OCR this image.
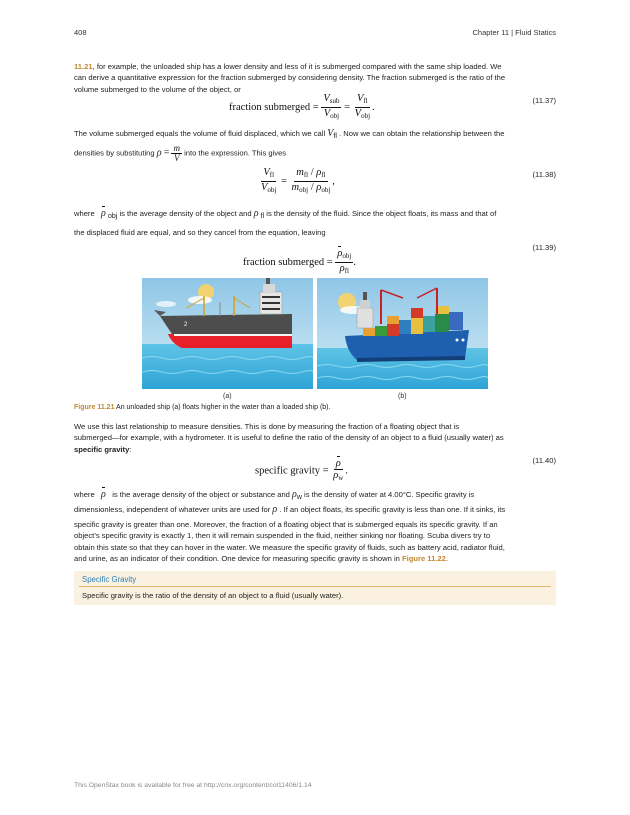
408	Chapter 11 | Fluid Statics
11.21, for example, the unloaded ship has a lower density and less of it is submerged compared with the same ship loaded. We
can derive a quantitative expression for the fraction submerged by considering density. The fraction submerged is the ratio of the
volume submerged to the volume of the object, or
fraction submerged = $\frac{V_{sub}}{V_{obj}} = \frac{V_{fl}}{V_{obj}}$ .
(11.37)
The volume submerged equals the volume of fluid displaced, which we call Vfl . Now we can obtain the relationship between the
densities by substituting $\rho = \frac{m}{V}$ into the expression. This gives
$\frac{V_{fl}}{V_{obj}} = \frac{m_{fl} / \rho_{fl}}{m_{obj} / \rho_{obj}}$ ,
(11.38)
where ρ obj is the average density of the object and ρ fl is the density of the fluid. Since the object floats, its mass and that of
the displaced fluid are equal, and so they cancel from the equation, leaving
fraction submerged = $\frac{\rho_{obj}}{\rho_{fl}}$ .
(11.39)
2
(a)	(b)
Figure 11.21 An unloaded ship (a) floats higher in the water than a loaded ship (b).
We use this last relationship to measure densities. This is done by measuring the fraction of a floating object that is
submerged—for example, with a hydrometer. It is useful to define the ratio of the density of an object to a fluid (usually water) as
specific gravity:
specific gravity = $\frac{\rho}{\rho_w}$ .
(11.40)
where ρ is the average density of the object or substance and ρw is the density of water at 4.00°C. Specific gravity is
dimensionless, independent of whatever units are used for ρ . If an object floats, its specific gravity is less than one. If it sinks, its
specific gravity is greater than one. Moreover, the fraction of a floating object that is submerged equals its specific gravity. If an
object’s specific gravity is exactly 1, then it will remain suspended in the fluid, neither sinking nor floating. Scuba divers try to
obtain this state so that they can hover in the water. We measure the specific gravity of fluids, such as battery acid, radiator fluid,
and urine, as an indicator of their condition. One device for measuring specific gravity is shown in Figure 11.22.
Specific Gravity
Specific gravity is the ratio of the density of an object to a fluid (usually water).
This OpenStax book is available for free at http://cnx.org/content/col11406/1.14
